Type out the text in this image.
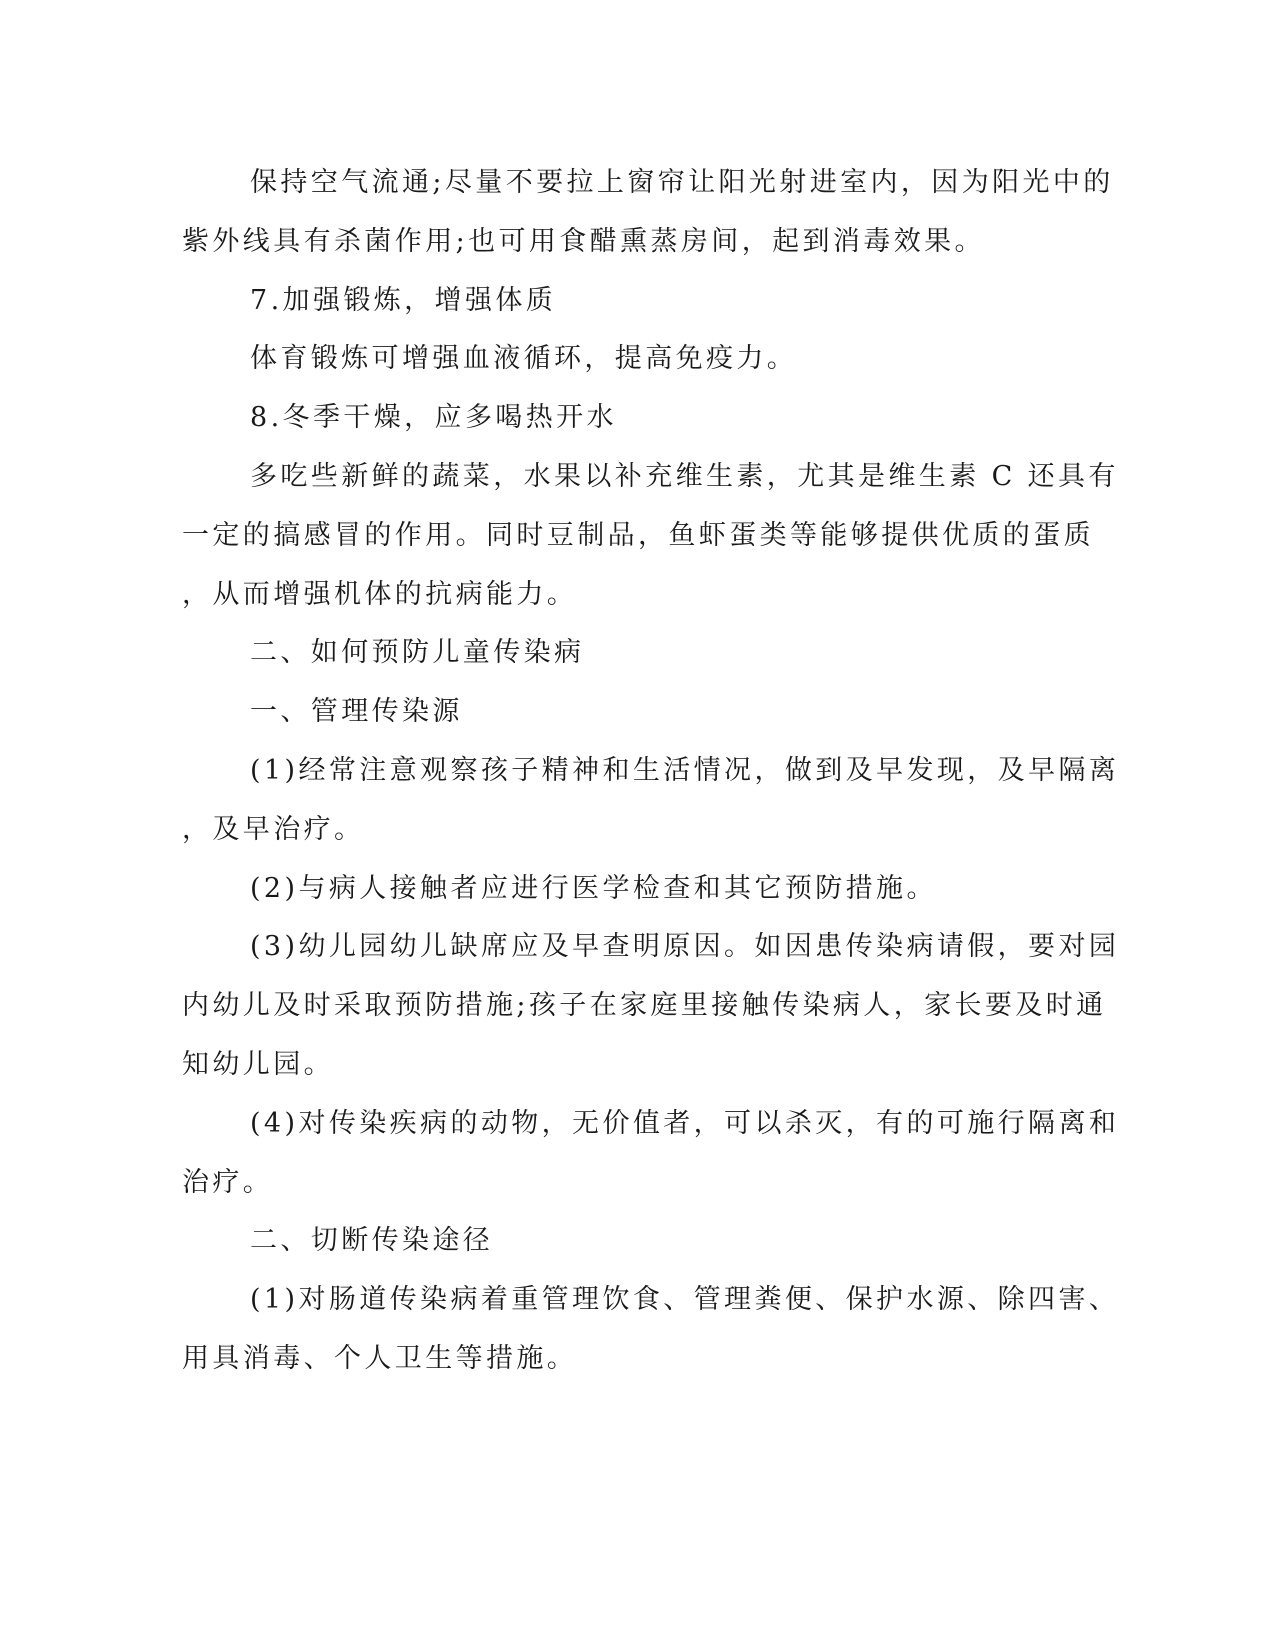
保持空气流通;尽量不要拉上窗帘让阳光射进室内，因为阳光中的

紫外线具有杀菌作用;也可用食醋熏蒸房间，起到消毒效果。

7.加强锻炼，增强体质

体育锻炼可增强血液循环，提高免疫力。

8.冬季干燥，应多喝热开水

多吃些新鲜的蔬菜，水果以补充维生素，尤其是维生素 C 还具有

一定的搞感冒的作用。同时豆制品，鱼虾蛋类等能够提供优质的蛋质

，从而增强机体的抗病能力。

二、如何预防儿童传染病

一、管理传染源

(1)经常注意观察孩子精神和生活情况，做到及早发现，及早隔离

，及早治疗。

(2)与病人接触者应进行医学检查和其它预防措施。

(3)幼儿园幼儿缺席应及早查明原因。如因患传染病请假，要对园

内幼儿及时采取预防措施;孩子在家庭里接触传染病人，家长要及时通

知幼儿园。

(4)对传染疾病的动物，无价值者，可以杀灭，有的可施行隔离和

治疗。

二、切断传染途径

(1)对肠道传染病着重管理饮食、管理粪便、保护水源、除四害、

用具消毒、个人卫生等措施。
